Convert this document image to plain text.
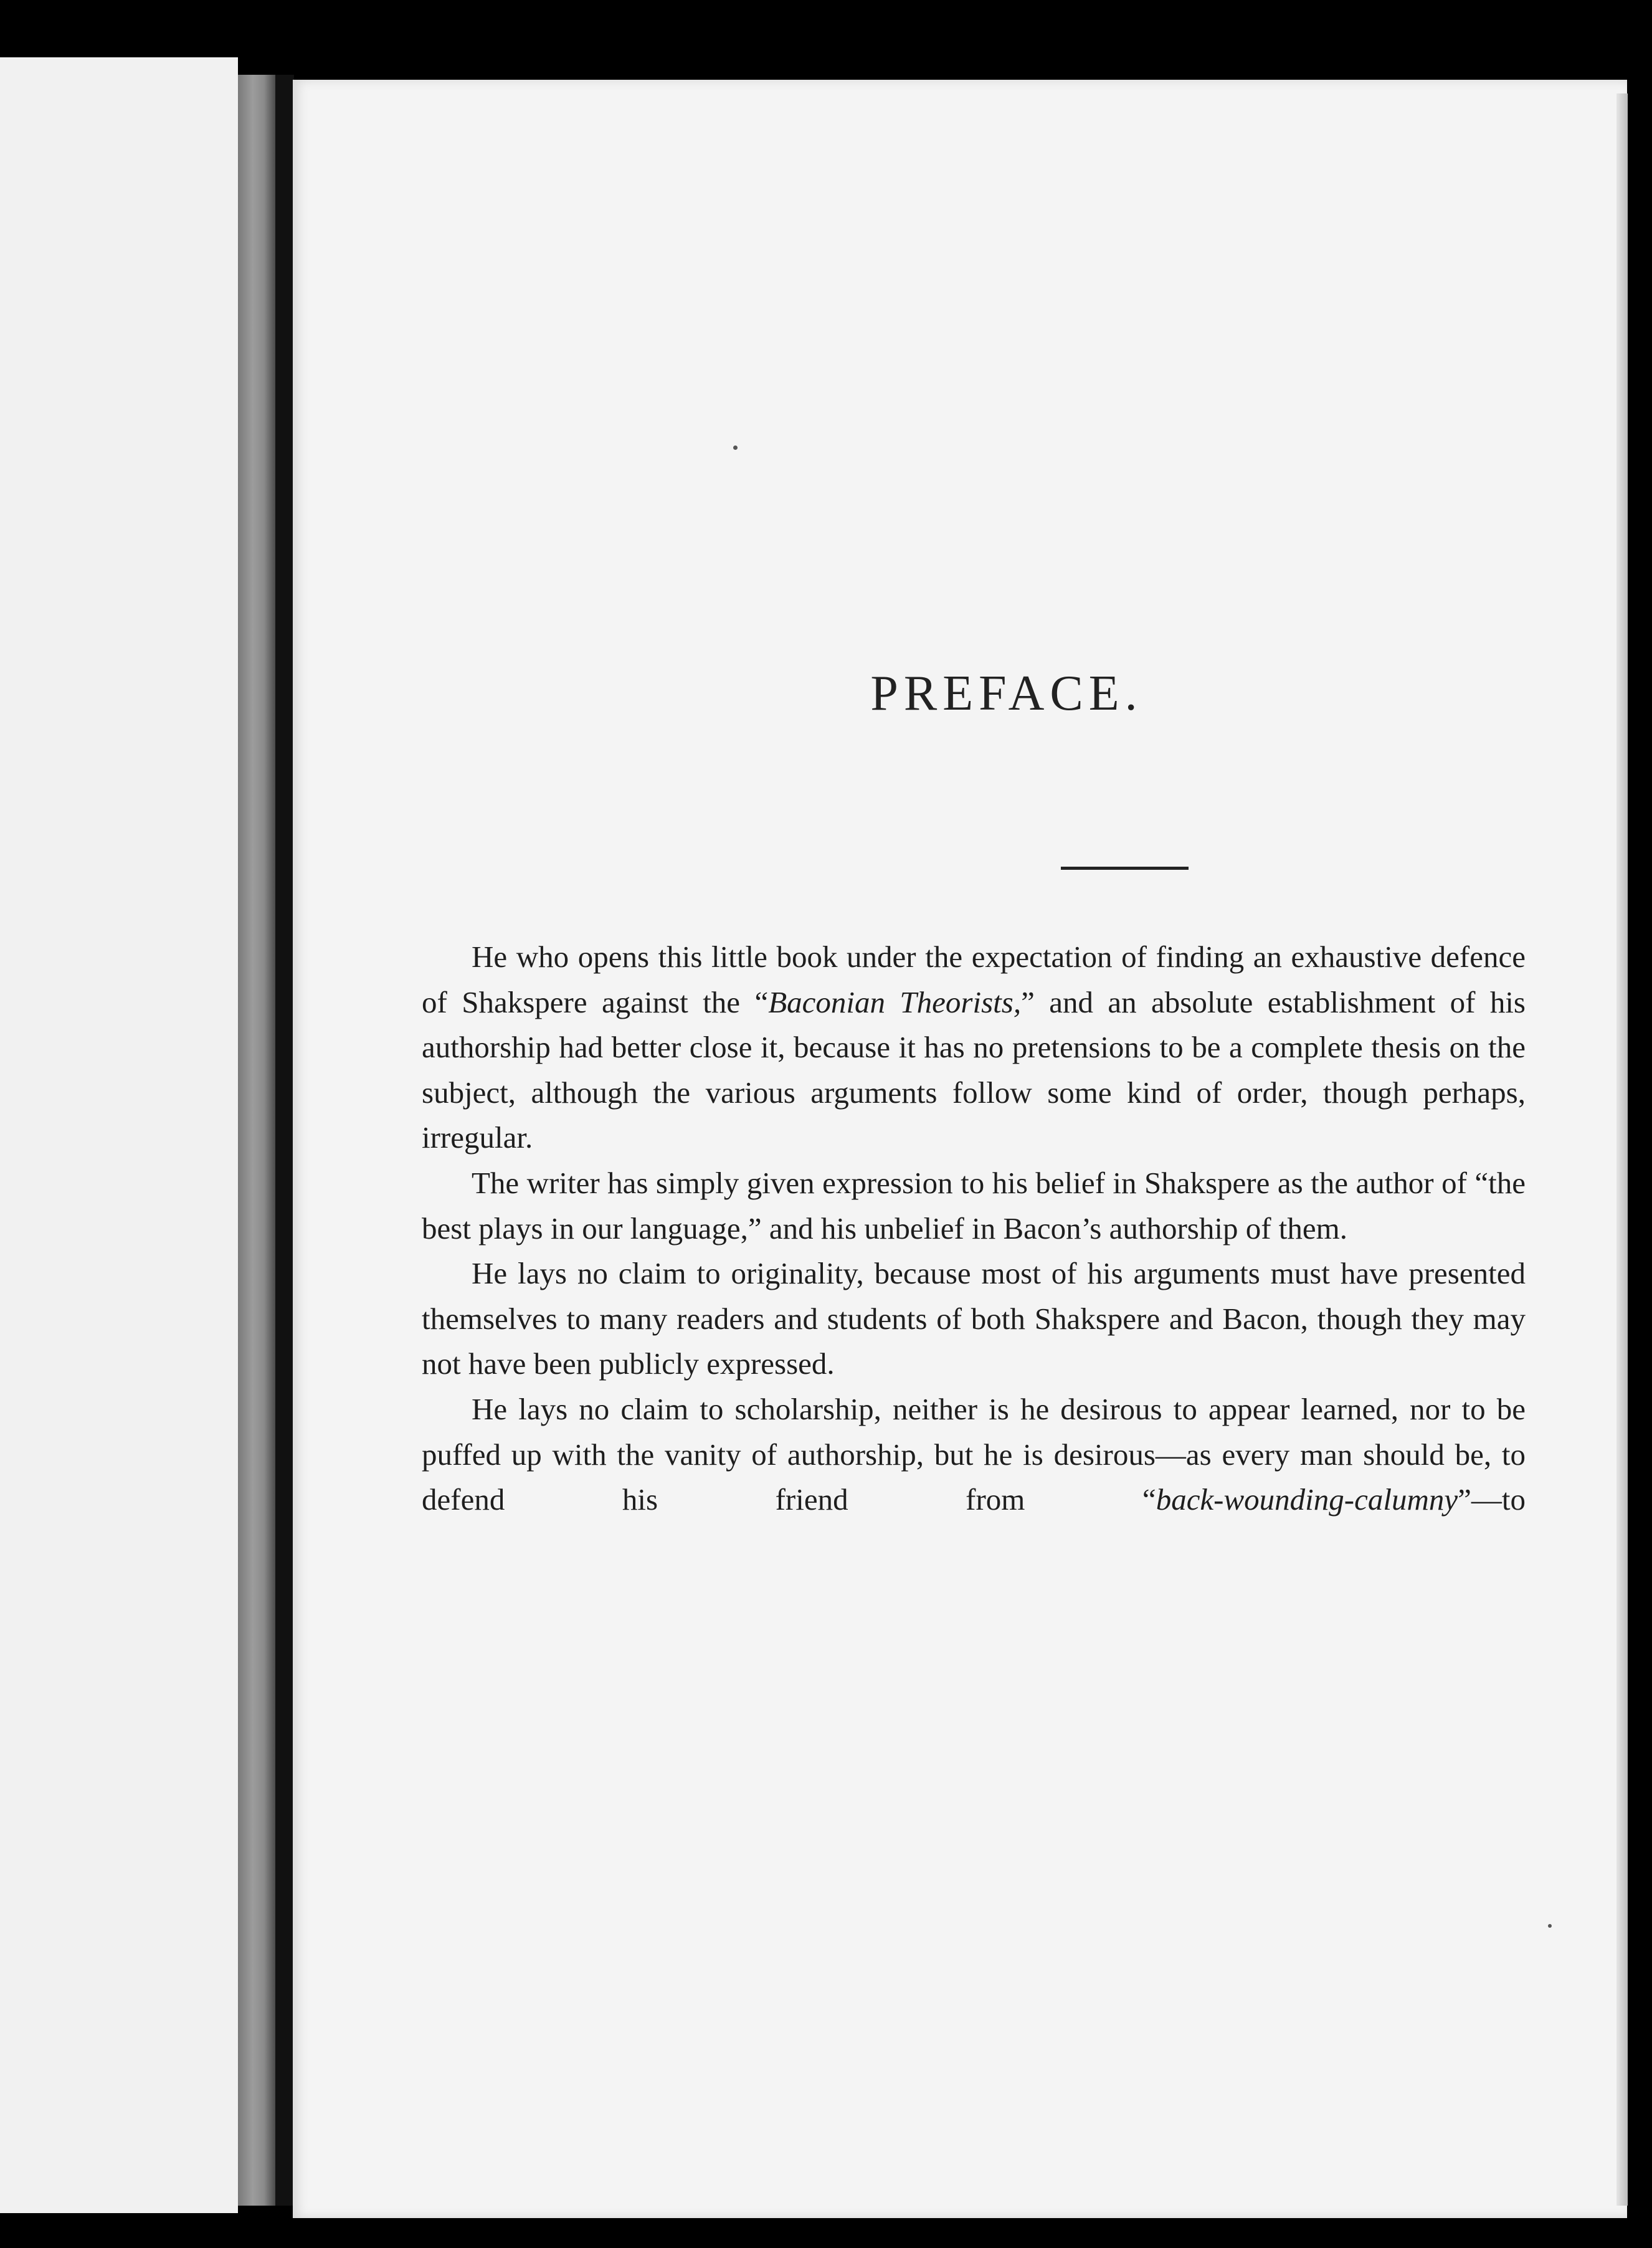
PREFACE.

He who opens this little book under the expectation of finding an exhaustive defence of Shakspere against the “Baconian Theorists,” and an absolute establishment of his authorship had better close it, because it has no pretensions to be a complete thesis on the subject, although the various arguments follow some kind of order, though perhaps, irregular.

The writer has simply given expression to his belief in Shakspere as the author of “the best plays in our language,” and his unbelief in Bacon’s authorship of them.

He lays no claim to originality, because most of his arguments must have presented themselves to many readers and students of both Shakspere and Bacon, though they may not have been publicly expressed.

He lays no claim to scholarship, neither is he desirous to appear learned, nor to be puffed up with the vanity of authorship, but he is desirous—as every man should be, to defend his friend from “back-wounding-calumny”—to
